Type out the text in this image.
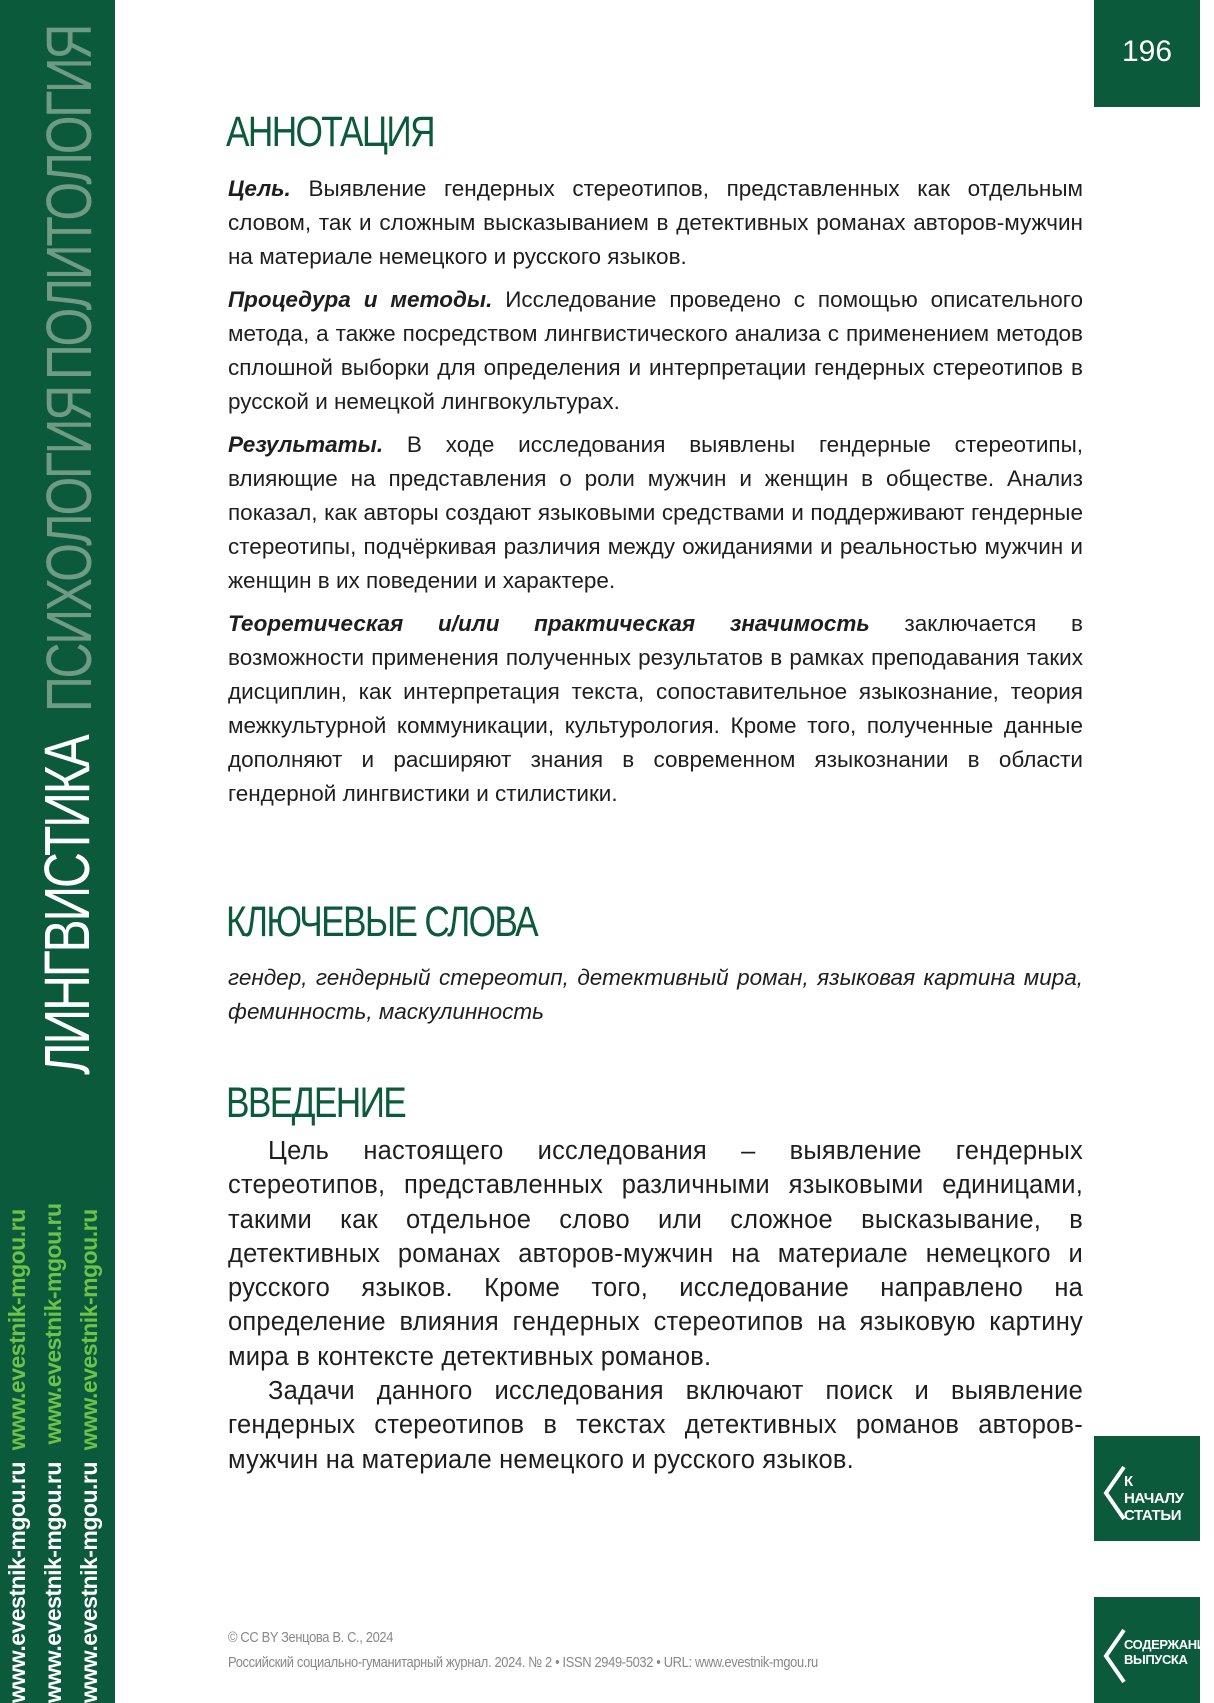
ПОЛИТОЛОГИЯ
ПСИХОЛОГИЯ
ЛИНГВИСТИКА
www.evestnik-mgou.ru  www.evestnik-mgou.ru
www.evestnik-mgou.ru   www.evestnik-mgou.ru
www.evestnik-mgou.ru  www.evestnik-mgou.ru
196
АННОТАЦИЯ

Цель. Выявление гендерных стереотипов, представленных как отдельным словом, так и сложным высказыванием в детективных романах авторов-мужчин на материале немецкого и русского языков.

Процедура и методы. Исследование проведено с помощью описательного метода, а также посредством лингвистического анализа с применением методов сплошной выборки для определения и интерпретации гендерных стереотипов в русской и немецкой лингвокультурах.

Результаты. В ходе исследования выявлены гендерные стереотипы, влияющие на представления о роли мужчин и женщин в обществе. Анализ показал, как авторы создают языковыми средствами и поддерживают гендерные стереотипы, подчёркивая различия между ожиданиями и реальностью мужчин и женщин в их поведении и характере.

Теоретическая и/или практическая значимость заключается в возможности применения полученных результатов в рамках преподавания таких дисциплин, как интерпретация текста, сопоставительное языкознание, теория межкультурной коммуникации, культурология. Кроме того, полученные данные дополняют и расширяют знания в современном языкознании в области гендерной лингвистики и стилистики.

КЛЮЧЕВЫЕ СЛОВА

гендер, гендерный стереотип, детективный роман, языковая картина мира, феминность, маскулинность

ВВЕДЕНИЕ

Цель настоящего исследования – выявление гендерных стереотипов, представленных различными языковыми единицами, такими как отдельное слово или сложное высказывание, в детективных романах авторов-мужчин на материале немецкого и русского языков. Кроме того, исследование направлено на определение влияния гендерных стереотипов на языковую картину мира в контексте детективных романов.

Задачи данного исследования включают поиск и выявление гендерных стереотипов в текстах детективных романов авторов-мужчин на материале немецкого и русского языков.

К НАЧАЛУ СТАТЬИ
СОДЕРЖАНИЕ ВЫПУСКА
© CC BY Зенцова В. С., 2024
Российский социально-гуманитарный журнал. 2024. № 2 • ISSN 2949-5032 • URL: www.evestnik-mgou.ru
